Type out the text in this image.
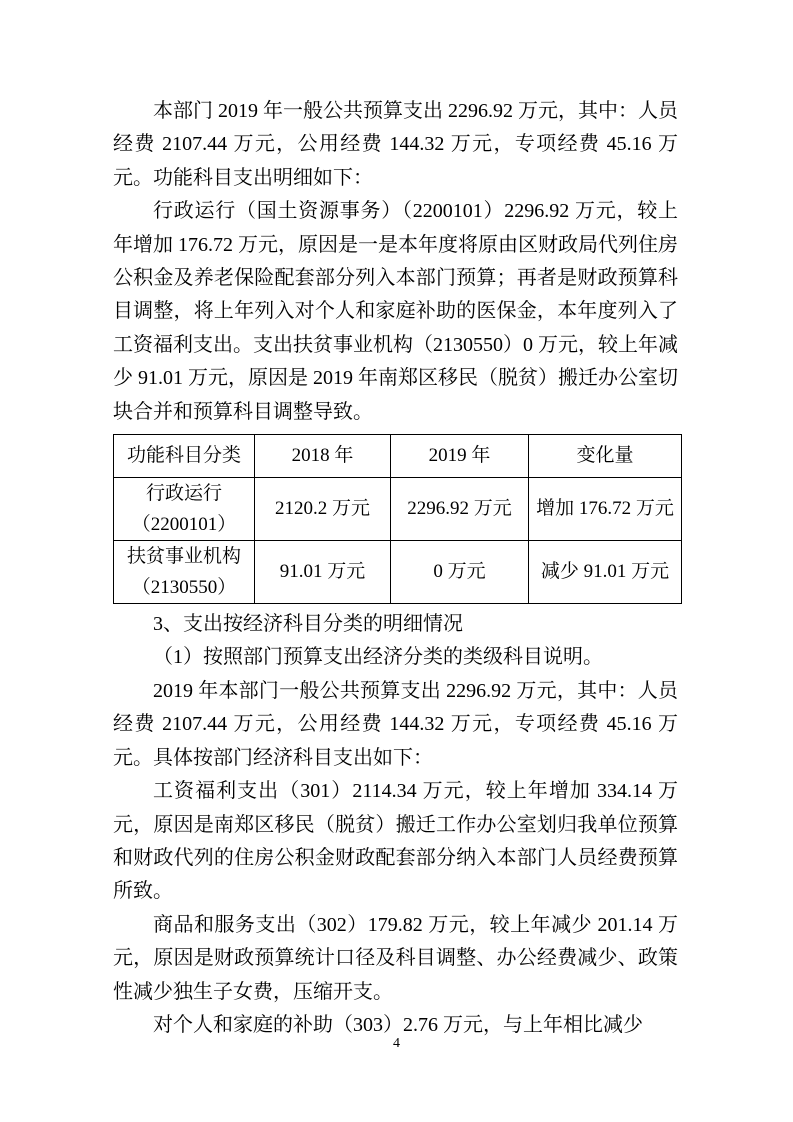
本部门 2019 年一般公共预算支出 2296.92 万元，其中：人员经费 2107.44 万元，公用经费 144.32 万元，专项经费 45.16 万元。功能科目支出明细如下：

行政运行（国土资源事务）（2200101）2296.92 万元，较上年增加 176.72 万元，原因是一是本年度将原由区财政局代列住房公积金及养老保险配套部分列入本部门预算；再者是财政预算科目调整，将上年列入对个人和家庭补助的医保金，本年度列入了工资福利支出。支出扶贫事业机构（2130550）0 万元，较上年减少 91.01 万元，原因是 2019 年南郑区移民（脱贫）搬迁办公室切块合并和预算科目调整导致。

功能科目分类	2018 年	2019 年	变化量

行政运行
（2200101）	2120.2 万元	2296.92 万元	增加 176.72 万元

扶贫事业机构
（2130550）	91.01 万元	0 万元	减少 91.01 万元

3、支出按经济科目分类的明细情况

（1）按照部门预算支出经济分类的类级科目说明。

2019 年本部门一般公共预算支出 2296.92 万元，其中：人员经费 2107.44 万元，公用经费 144.32 万元，专项经费 45.16 万元。具体按部门经济科目支出如下：

工资福利支出（301）2114.34 万元，较上年增加 334.14 万元，原因是南郑区移民（脱贫）搬迁工作办公室划归我单位预算和财政代列的住房公积金财政配套部分纳入本部门人员经费预算所致。

商品和服务支出（302）179.82 万元，较上年减少 201.14 万元，原因是财政预算统计口径及科目调整、办公经费减少、政策性减少独生子女费，压缩开支。

对个人和家庭的补助（303）2.76 万元，与上年相比减少

4
